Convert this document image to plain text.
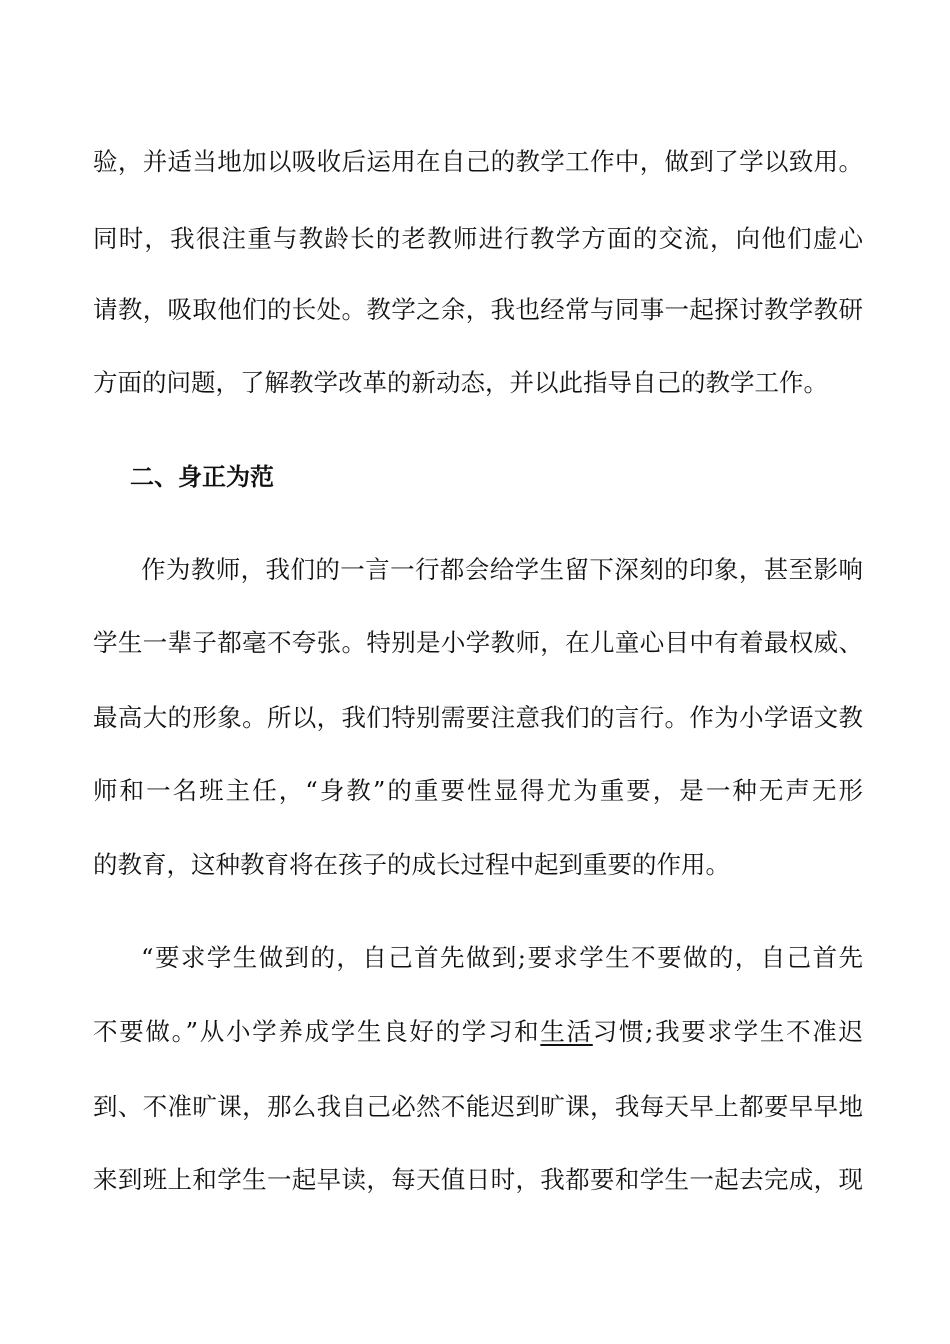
验，并适当地加以吸收后运用在自己的教学工作中，做到了学以致用。
同时，我很注重与教龄长的老教师进行教学方面的交流，向他们虚心
请教，吸取他们的长处。教学之余，我也经常与同事一起探讨教学教研
方面的问题，了解教学改革的新动态，并以此指导自己的教学工作。
二、身正为范
作为教师，我们的一言一行都会给学生留下深刻的印象，甚至影响
学生一辈子都毫不夸张。特别是小学教师，在儿童心目中有着最权威、
最高大的形象。所以，我们特别需要注意我们的言行。作为小学语文教
师和一名班主任，“身教”的重要性显得尤为重要，是一种无声无形
的教育，这种教育将在孩子的成长过程中起到重要的作用。
“要求学生做到的，自己首先做到;要求学生不要做的，自己首先
不要做。”从小学养成学生良好的学习和生活习惯;我要求学生不准迟
到、不准旷课，那么我自己必然不能迟到旷课，我每天早上都要早早地
来到班上和学生一起早读，每天值日时，我都要和学生一起去完成，现
